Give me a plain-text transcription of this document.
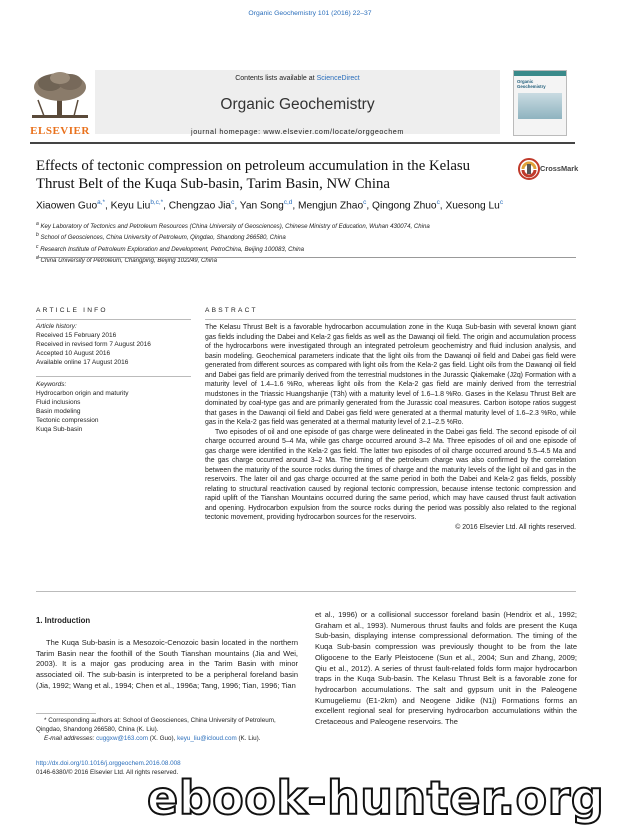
Organic Geochemistry 101 (2016) 22–37
ELSEVIER
Contents lists available at ScienceDirect
Organic Geochemistry
journal homepage: www.elsevier.com/locate/orggeochem
Organic
Geochemistry
Effects of tectonic compression on petroleum accumulation in the Kelasu
Thrust Belt of the Kuqa Sub-basin, Tarim Basin, NW China
CrossMark
Xiaowen Guo$^{a,*}$, Keyu Liu$^{b,c,*}$, Chengzao Jia$^c$, Yan Song$^{c,d}$, Mengjun Zhao$^c$, Qingong Zhuo$^c$, Xuesong Lu$^c$
$^a$ Key Laboratory of Tectonics and Petroleum Resources (China University of Geosciences), Chinese Ministry of Education, Wuhan 430074, China
$^b$ School of Geosciences, China University of Petroleum, Qingdao, Shandong 266580, China
$^c$ Research Institute of Petroleum Exploration and Development, PetroChina, Beijing 100083, China
$^d$ China University of Petroleum, Changping, Beijing 102249, China
ARTICLE INFO
Article history:
Received 15 February 2016
Received in revised form 7 August 2016
Accepted 10 August 2016
Available online 17 August 2016
Keywords:
Hydrocarbon origin and maturity
Fluid inclusions
Basin modeling
Tectonic compression
Kuqa Sub-basin
ABSTRACT

The Kelasu Thrust Belt is a favorable hydrocarbon accumulation zone in the Kuqa Sub-basin with several known giant gas fields including the Dabei and Kela-2 gas fields as well as the Dawanqi oil field. The origin and accumulation process of the hydrocarbons were investigated through an integrated petroleum geochemistry and fluid inclusion analysis, and basin modeling. Geochemical parameters indicate that the light oils from the Dawanqi oil field and Dabei gas field were generated from different sources as compared with light oils from the Kela-2 gas field. Light oils from the Dawanqi oil field and Dabei gas field are primarily derived from the terrestrial mudstones in the Jurassic Qiakemake (J2q) Formation with a maturity level of 1.4–1.6 %Ro, whereas light oils from the Kela-2 gas field are mainly derived from the terrestrial mudstones in the Triassic Huangshanjie (T3h) with a maturity level of 1.6–1.8 %Ro. Gases in the Kelasu Thrust Belt are dominated by coal-type gas and are primarily generated from the Jurassic coal measures. Carbon isotope ratios suggest that gases in the Dawanqi oil field and Dabei gas field were generated at a thermal maturity level of 1.6–2.3 %Ro, while gas in the Kela-2 gas field was generated at a thermal maturity level of 2.1–2.5 %Ro.

Two episodes of oil and one episode of gas charge were delineated in the Dabei gas field. The second episode of oil charge occurred around 5–4 Ma, while gas charge occurred around 3–2 Ma. Three episodes of oil and one episode of gas charge were identified in the Kela-2 gas field. The latter two episodes of oil charge occurred around 5.5–4.5 Ma and the gas charge occurred around 3–2 Ma. The timing of the petroleum charge was also confirmed by the correlation between the maturity of the source rocks during the times of charge and the maturity levels of the light oil and gas in the reservoirs. The later oil and gas charge occurred at the same period in both the Dabei and Kela-2 gas fields, possibly relating to structural reactivation caused by regional tectonic compression, because intense tectonic compression and rapid uplift of the Tianshan Mountains occurred during the same period, which may have caused thrust fault activation and opening. Hydrocarbon expulsion from the source rocks during the period was possibly also related to the regional tectonic movement, providing hydrocarbon sources for the reservoirs.

© 2016 Elsevier Ltd. All rights reserved.
1. Introduction

The Kuqa Sub-basin is a Mesozoic-Cenozoic basin located in the northern Tarim Basin near the foothill of the South Tianshan mountains (Jia and Wei, 2003). It is a major gas producing area in the Tarim Basin with minor associated oil. The sub-basin is interpreted to be a peripheral foreland basin (Jia, 1992; Wang et al., 1994; Chen et al., 1996a; Tang, 1996; Tian, 1996; Tian

et al., 1996) or a collisional successor foreland basin (Hendrix et al., 1992; Graham et al., 1993). Numerous thrust faults and folds are present the Kuqa Sub-basin, displaying intense compressional deformation. The timing of the Kuqa Sub-basin compression was previously thought to be from the late Oligocene to the Early Pleistocene (Sun et al., 2004; Sun and Zhang, 2009; Qiu et al., 2012). A series of thrust fault-related folds form major hydrocarbon traps in the Kuqa Sub-basin. The Kelasu Thrust Belt is a favorable zone for hydrocarbon accumulations. The salt and gypsum unit in the Paleogene Kumugeliemu (E1-2km) and Neogene Jidike (N1j) Formations forms an excellent regional seal for preserving hydrocarbon accumulations within the Cretaceous and Paleogene reservoirs. The

* Corresponding authors at: School of Geosciences, China University of Petroleum, Qingdao, Shandong 266580, China (K. Liu).
E-mail addresses: cuggxw@163.com (X. Guo), keyu_liu@icloud.com (K. Liu).
http://dx.doi.org/10.1016/j.orggeochem.2016.08.008
0146-6380/© 2016 Elsevier Ltd. All rights reserved.
ebook-hunter.org
